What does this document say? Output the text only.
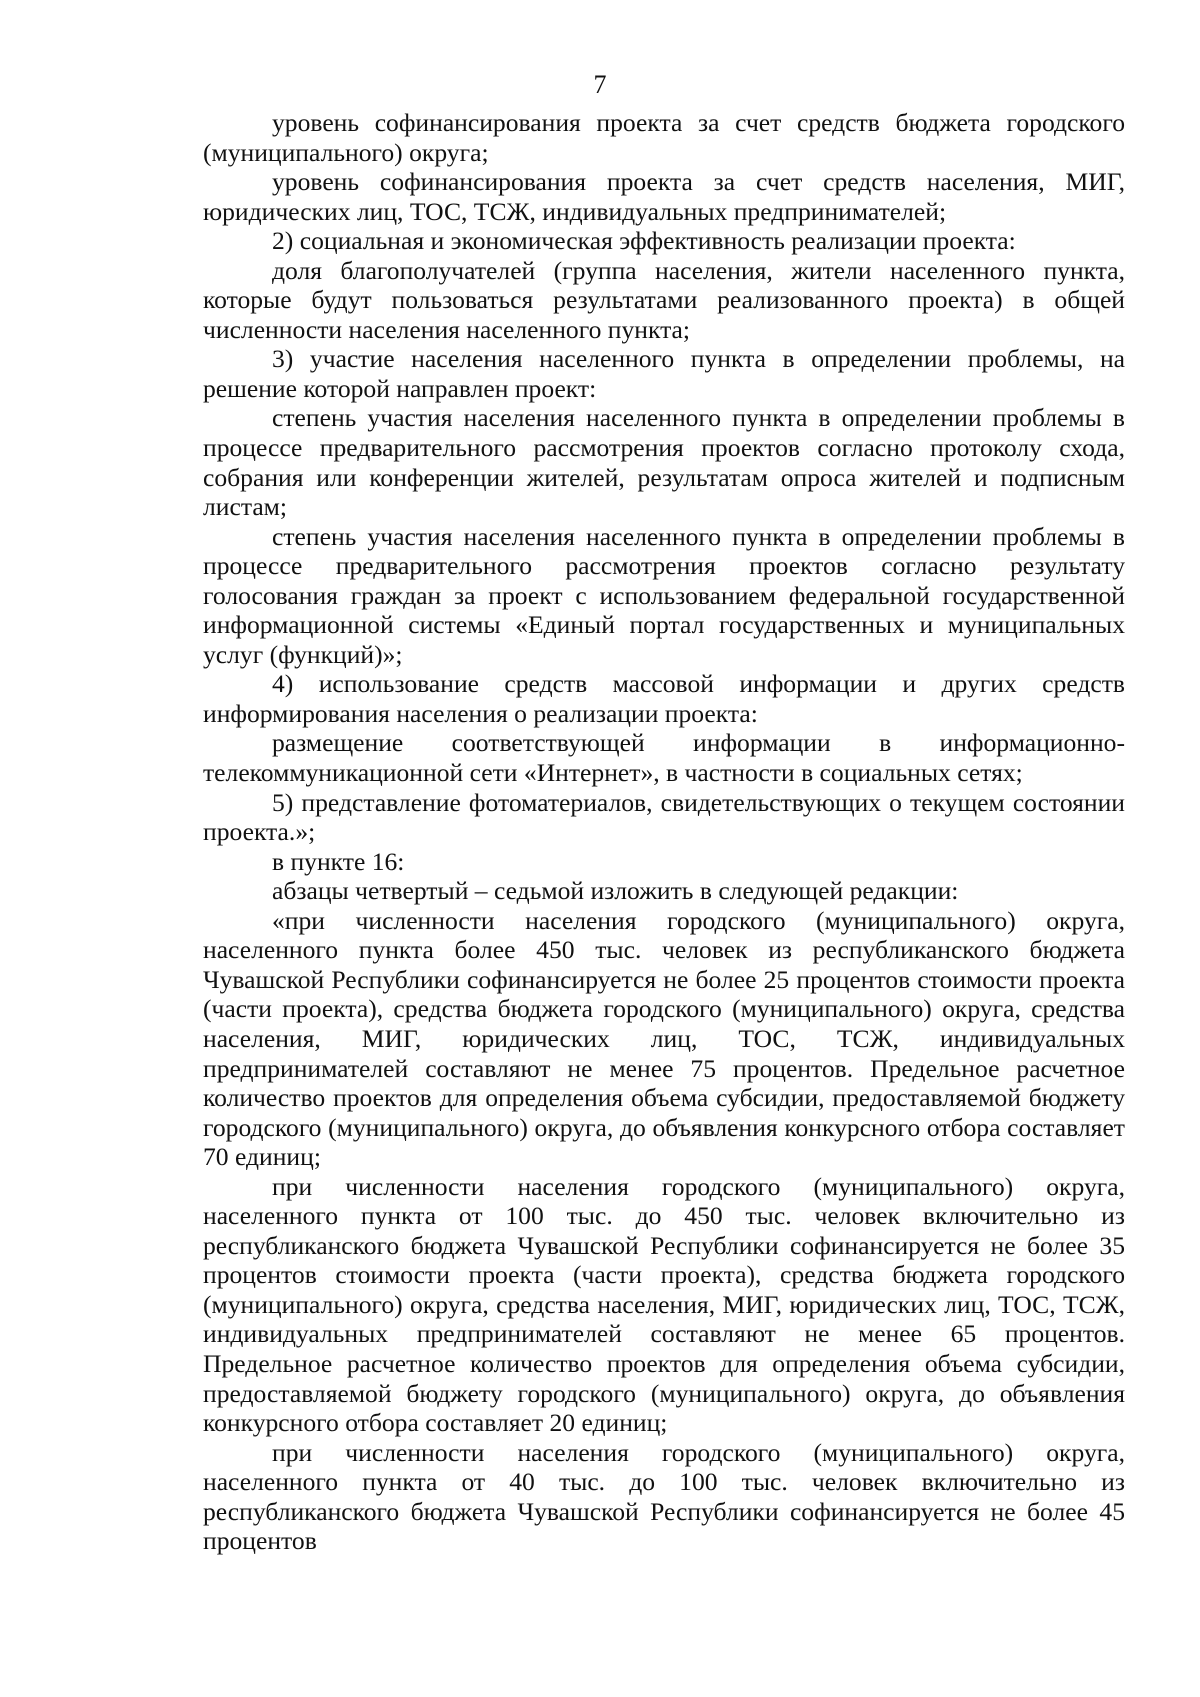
7

уровень софинансирования проекта за счет средств бюджета городского (муниципального) округа;

уровень софинансирования проекта за счет средств населения, МИГ, юридических лиц, ТОС, ТСЖ, индивидуальных предпринимателей;

2) социальная и экономическая эффективность реализации проекта:

доля благополучателей (группа населения, жители населенного пункта, которые будут пользоваться результатами реализованного проекта) в общей численности населения населенного пункта;

3) участие населения населенного пункта в определении проблемы, на решение которой направлен проект:

степень участия населения населенного пункта в определении проблемы в процессе предварительного рассмотрения проектов согласно протоколу схода, собрания или конференции жителей, результатам опроса жителей и подписным листам;

степень участия населения населенного пункта в определении проблемы в процессе предварительного рассмотрения проектов согласно результату голосования граждан за проект с использованием федеральной государственной информационной системы «Единый портал государственных и муниципальных услуг (функций)»;

4) использование средств массовой информации и других средств информирования населения о реализации проекта:

размещение соответствующей информации в информационно-телекоммуникационной сети «Интернет», в частности в социальных сетях;

5) представление фотоматериалов, свидетельствующих о текущем состоянии проекта.»;

в пункте 16:

абзацы четвертый – седьмой изложить в следующей редакции:

«при численности населения городского (муниципального) округа, населенного пункта более 450 тыс. человек из республиканского бюджета Чувашской Республики софинансируется не более 25 процентов стоимости проекта (части проекта), средства бюджета городского (муниципального) округа, средства населения, МИГ, юридических лиц, ТОС, ТСЖ, индивидуальных предпринимателей составляют не менее 75 процентов. Предельное расчетное количество проектов для определения объема субсидии, предоставляемой бюджету городского (муниципального) округа, до объявления конкурсного отбора составляет 70 единиц;

при численности населения городского (муниципального) округа, населенного пункта от 100 тыс. до 450 тыс. человек включительно из республиканского бюджета Чувашской Республики софинансируется не более 35 процентов стоимости проекта (части проекта), средства бюджета городского (муниципального) округа, средства населения, МИГ, юридических лиц, ТОС, ТСЖ, индивидуальных предпринимателей составляют не менее 65 процентов. Предельное расчетное количество проектов для определения объема субсидии, предоставляемой бюджету городского (муниципального) округа, до объявления конкурсного отбора составляет 20 единиц;

при численности населения городского (муниципального) округа, населенного пункта от 40 тыс. до 100 тыс. человек включительно из республиканского бюджета Чувашской Республики софинансируется не более 45 процентов
